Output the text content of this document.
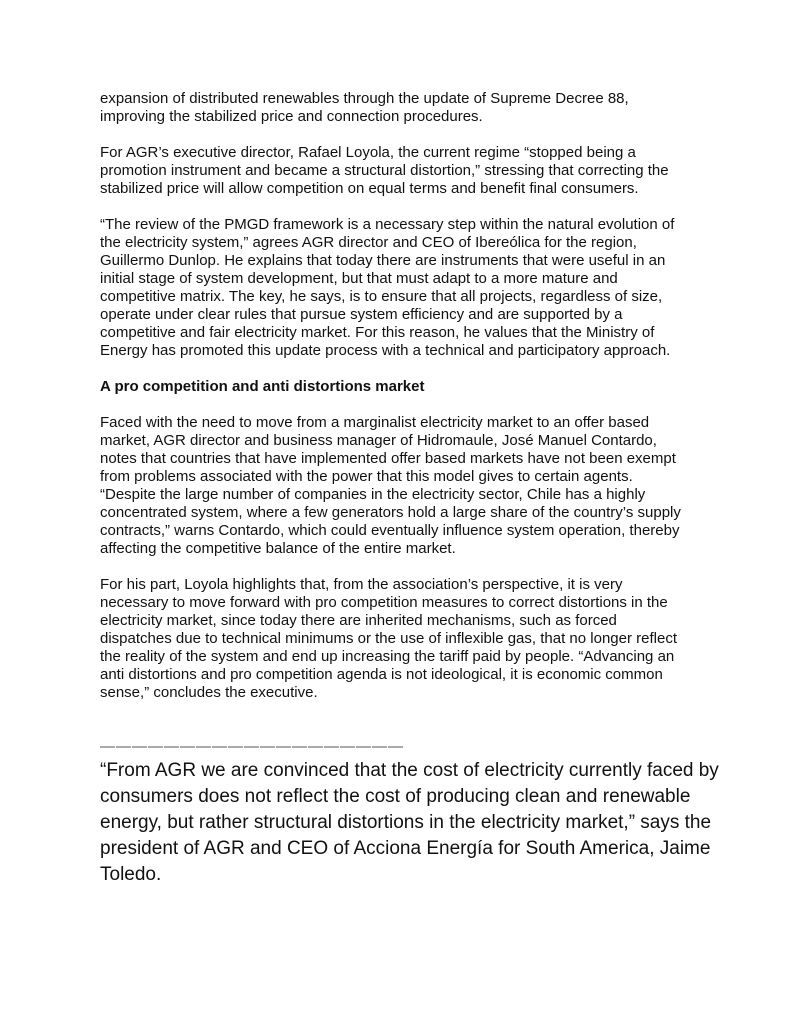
expansion of distributed renewables through the update of Supreme Decree 88,
improving the stabilized price and connection procedures.
For AGR’s executive director, Rafael Loyola, the current regime “stopped being a
promotion instrument and became a structural distortion,” stressing that correcting the
stabilized price will allow competition on equal terms and benefit final consumers.
“The review of the PMGD framework is a necessary step within the natural evolution of
the electricity system,” agrees AGR director and CEO of Ibereólica for the region,
Guillermo Dunlop. He explains that today there are instruments that were useful in an
initial stage of system development, but that must adapt to a more mature and
competitive matrix. The key, he says, is to ensure that all projects, regardless of size,
operate under clear rules that pursue system efficiency and are supported by a
competitive and fair electricity market. For this reason, he values that the Ministry of
Energy has promoted this update process with a technical and participatory approach.
A pro competition and anti distortions market
Faced with the need to move from a marginalist electricity market to an offer based
market, AGR director and business manager of Hidromaule, José Manuel Contardo,
notes that countries that have implemented offer based markets have not been exempt
from problems associated with the power that this model gives to certain agents.
“Despite the large number of companies in the electricity sector, Chile has a highly
concentrated system, where a few generators hold a large share of the country’s supply
contracts,” warns Contardo, which could eventually influence system operation, thereby
affecting the competitive balance of the entire market.
For his part, Loyola highlights that, from the association’s perspective, it is very
necessary to move forward with pro competition measures to correct distortions in the
electricity market, since today there are inherited mechanisms, such as forced
dispatches due to technical minimums or the use of inflexible gas, that no longer reflect
the reality of the system and end up increasing the tariff paid by people. “Advancing an
anti distortions and pro competition agenda is not ideological, it is economic common
sense,” concludes the executive.
———————————————————
“From AGR we are convinced that the cost of electricity currently faced by
consumers does not reflect the cost of producing clean and renewable
energy, but rather structural distortions in the electricity market,” says the
president of AGR and CEO of Acciona Energía for South America, Jaime
Toledo.
